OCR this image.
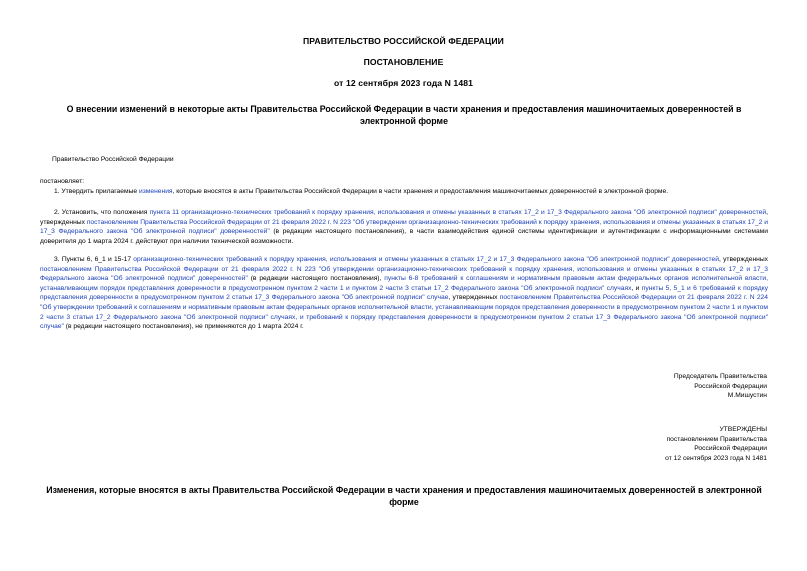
ПРАВИТЕЛЬСТВО РОССИЙСКОЙ ФЕДЕРАЦИИ
ПОСТАНОВЛЕНИЕ
от 12 сентября 2023 года N 1481
О внесении изменений в некоторые акты Правительства Российской Федерации в части хранения и предоставления машиночитаемых доверенностей в электронной форме
Правительство Российской Федерации
постановляет:
1. Утвердить прилагаемые изменения, которые вносятся в акты Правительства Российской Федерации в части хранения и предоставления машиночитаемых доверенностей в электронной форме.
2. Установить, что положения пункта 11 организационно-технических требований к порядку хранения, использования и отмены указанных в статьях 17_2 и 17_3 Федерального закона "Об электронной подписи" доверенностей, утвержденных постановлением Правительства Российской Федерации от 21 февраля 2022 г. N 223 "Об утверждении организационно-технических требований к порядку хранения, использования и отмены указанных в статьях 17_2 и 17_3 Федерального закона "Об электронной подписи" доверенностей" (в редакции настоящего постановления), в части взаимодействия единой системы идентификации и аутентификации с информационными системами доверителя до 1 марта 2024 г. действуют при наличии технической возможности.
3. Пункты 6, 6_1 и 15-17 организационно-технических требований к порядку хранения, использования и отмены указанных в статьях 17_2 и 17_3 Федерального закона "Об электронной подписи" доверенностей, утвержденных постановлением Правительства Российской Федерации от 21 февраля 2022 г. N 223 "Об утверждении организационно-технических требований к порядку хранения, использования и отмены указанных в статьях 17_2 и 17_3 Федерального закона "Об электронной подписи" доверенностей" (в редакции настоящего постановления), пункты 6-8 требований к соглашениям и нормативным правовым актам федеральных органов исполнительной власти, устанавливающим порядок представления доверенности в предусмотренном пунктом 2 части 1 и пунктом 2 части 3 статьи 17_2 Федерального закона "Об электронной подписи" случаях, и пункты 5, 5_1 и 6 требований к порядку представления доверенности в предусмотренном пунктом 2 статьи 17_3 Федерального закона "Об электронной подписи" случае, утвержденных постановлением Правительства Российской Федерации от 21 февраля 2022 г. N 224 "Об утверждении требований к соглашениям и нормативным правовым актам федеральных органов исполнительной власти, устанавливающим порядок представления доверенности в предусмотренном пунктом 2 части 1 и пунктом 2 части 3 статьи 17_2 Федерального закона "Об электронной подписи" случаях, и требований к порядку представления доверенности в предусмотренном пунктом 2 статьи 17_3 Федерального закона "Об электронной подписи" случае" (в редакции настоящего постановления), не применяются до 1 марта 2024 г.
Председатель Правительства
Российской Федерации
М.Мишустин
УТВЕРЖДЕНЫ
постановлением Правительства
Российской Федерации
от 12 сентября 2023 года N 1481
Изменения, которые вносятся в акты Правительства Российской Федерации в части хранения и предоставления машиночитаемых доверенностей в электронной форме
